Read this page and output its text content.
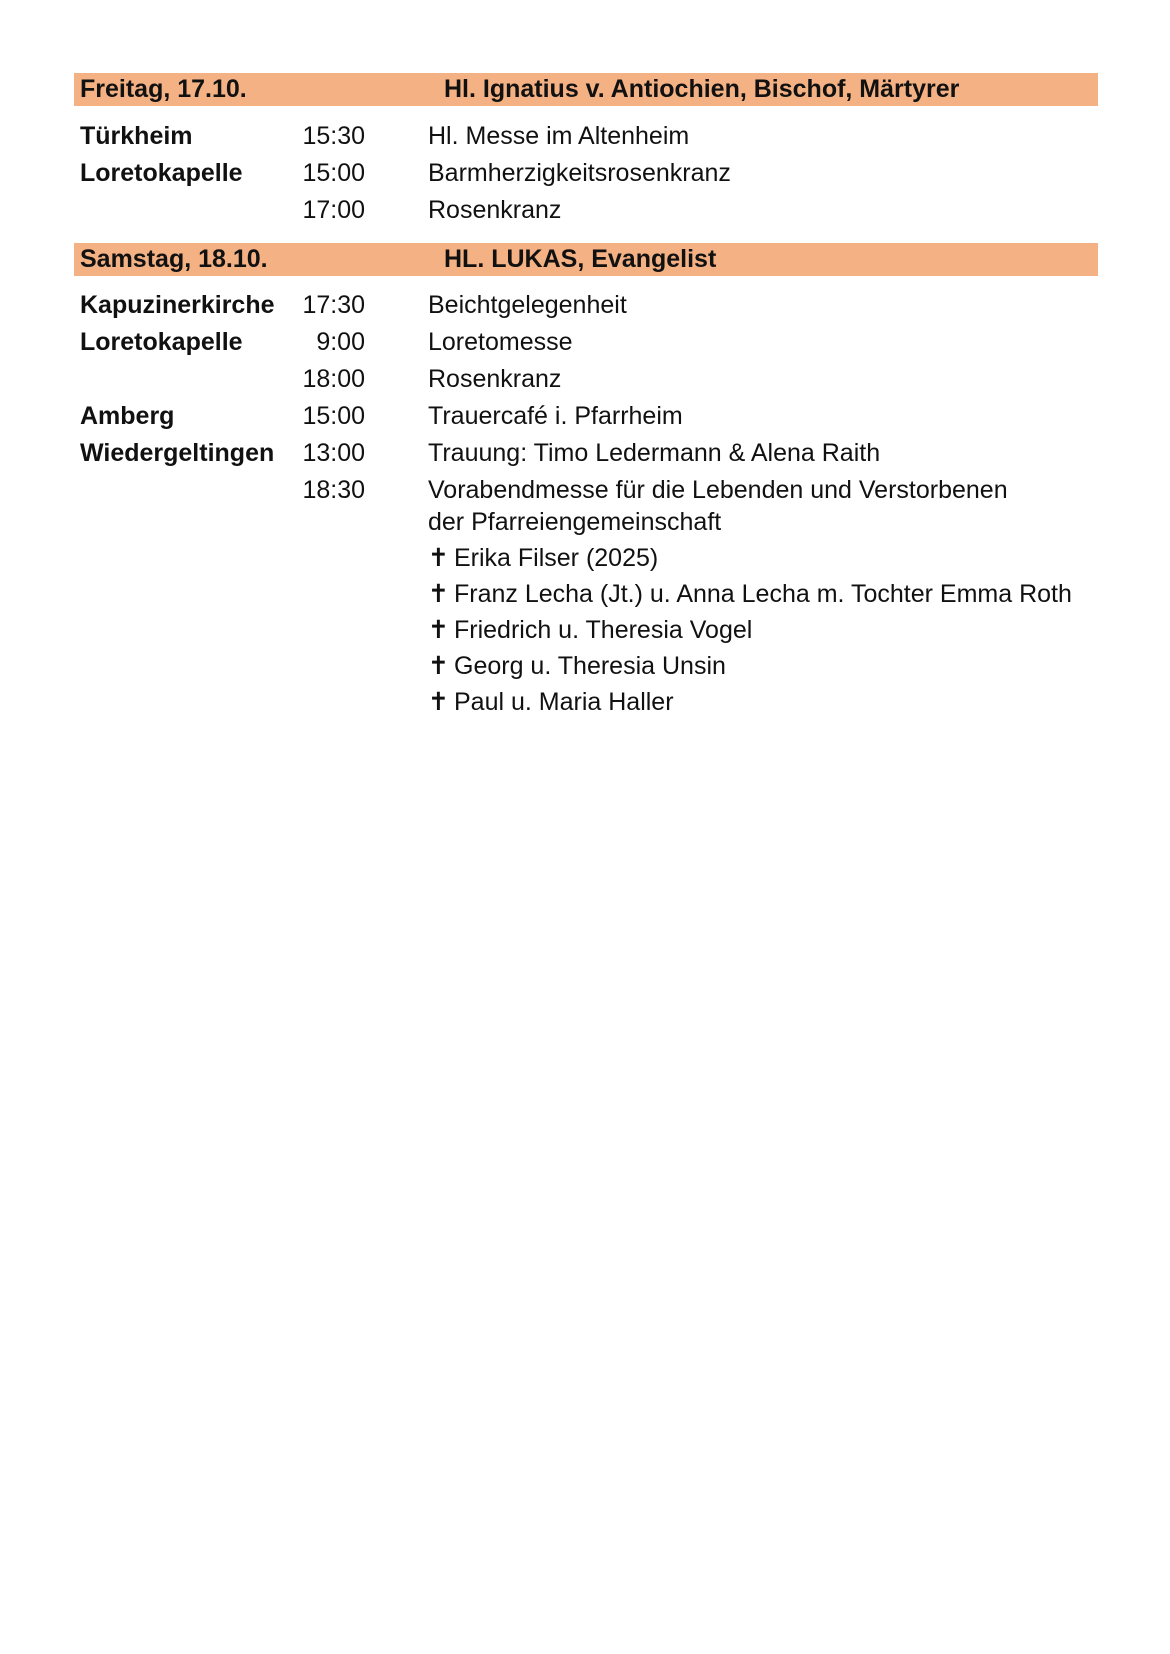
Freitag, 17.10.	Hl. Ignatius v. Antiochien, Bischof, Märtyrer
Türkheim	15:30	Hl. Messe im Altenheim
Loretokapelle	15:00	Barmherzigkeitsrosenkranz
17:00	Rosenkranz
Samstag, 18.10.	HL. LUKAS, Evangelist
Kapuzinerkirche	17:30	Beichtgelegenheit
Loretokapelle	9:00	Loretomesse
18:00	Rosenkranz
Amberg	15:00	Trauercafé i. Pfarrheim
Wiedergeltingen	13:00	Trauung: Timo Ledermann & Alena Raith
18:30	Vorabendmesse für die Lebenden und Verstorbenen
der Pfarreiengemeinschaft
✝ Erika Filser (2025)
✝ Franz Lecha (Jt.) u. Anna Lecha m. Tochter Emma Roth
✝ Friedrich u. Theresia Vogel
✝ Georg u. Theresia Unsin
✝ Paul u. Maria Haller
